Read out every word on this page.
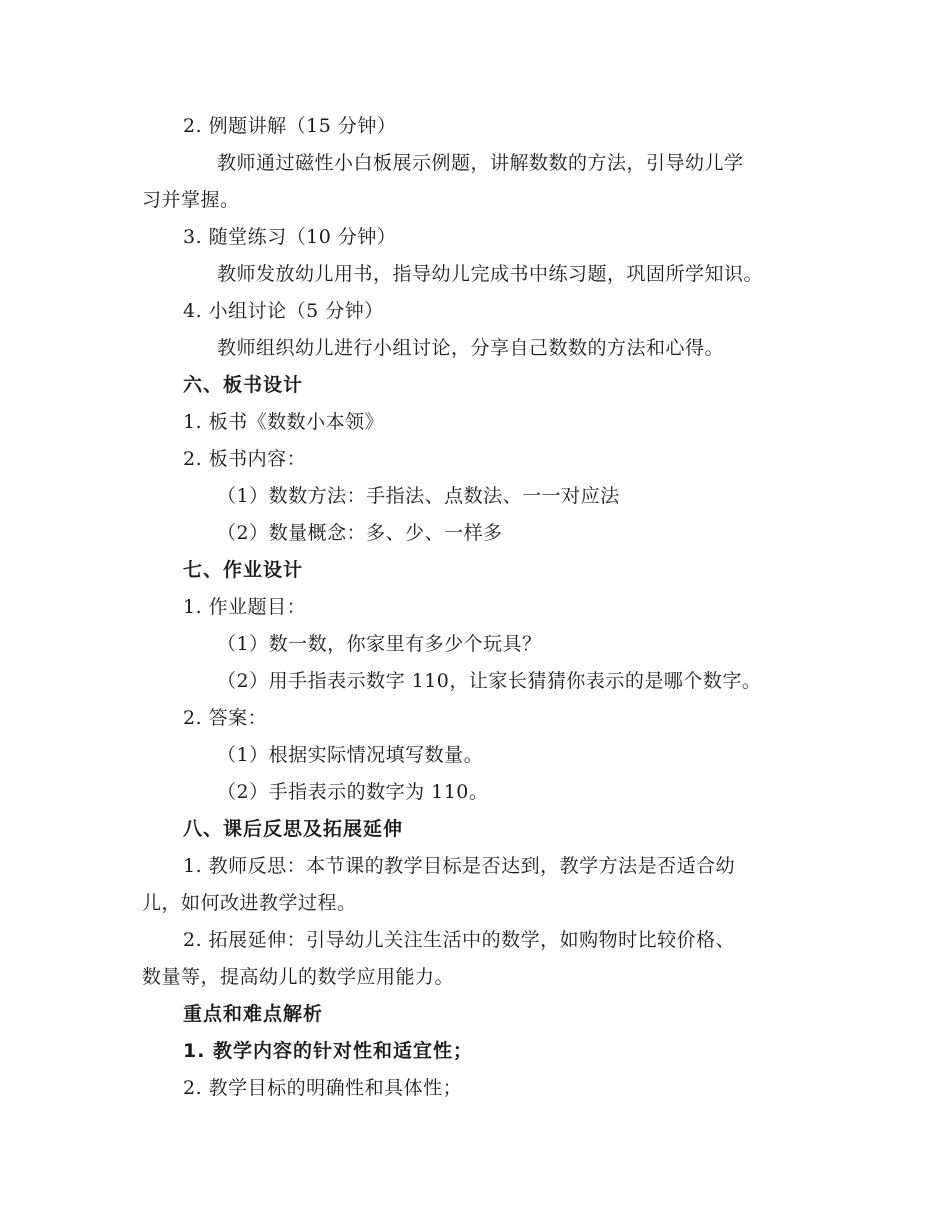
2. 例题讲解（15 分钟）
教师通过磁性小白板展示例题，讲解数数的方法，引导幼儿学
习并掌握。
3. 随堂练习（10 分钟）
教师发放幼儿用书，指导幼儿完成书中练习题，巩固所学知识。
4. 小组讨论（5 分钟）
教师组织幼儿进行小组讨论，分享自己数数的方法和心得。
六、板书设计
1. 板书《数数小本领》
2. 板书内容：
（1）数数方法：手指法、点数法、一一对应法
（2）数量概念：多、少、一样多
七、作业设计
1. 作业题目：
（1）数一数，你家里有多少个玩具？
（2）用手指表示数字 110，让家长猜猜你表示的是哪个数字。
2. 答案：
（1）根据实际情况填写数量。
（2）手指表示的数字为 110。
八、课后反思及拓展延伸
1. 教师反思：本节课的教学目标是否达到，教学方法是否适合幼
儿，如何改进教学过程。
2. 拓展延伸：引导幼儿关注生活中的数学，如购物时比较价格、
数量等，提高幼儿的数学应用能力。
重点和难点解析
1. 教学内容的针对性和适宜性；
2. 教学目标的明确性和具体性；
